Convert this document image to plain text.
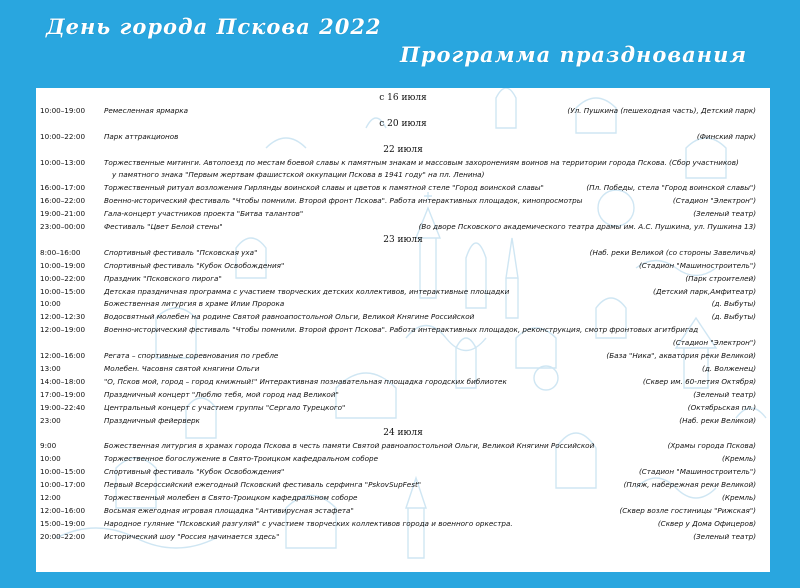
День города Пскова 2022
Программа празднования
с 16 июля
10:00–19:00	Ремесленная ярмарка	(Ул. Пушкина (пешеходная часть), Детский парк)
с 20 июля
10:00–22:00	Парк аттракционов	(Финский парк)
22 июля
10:00–13:00	Торжественные митинги. Автопоезд по местам боевой славы к памятным знакам и массовым захоронениям воинов на территории города Пскова. (Сбор участников)
у памятного знака "Первым жертвам фашистской оккупации Пскова в 1941 году" на пл. Ленина)
16:00–17:00	Торжественный ритуал возложения Гирлянды воинской славы и цветов к памятной стеле "Город воинской славы"	(Пл. Победы, стела "Город воинской славы")
16:00–22:00	Военно-исторический фестиваль "Чтобы помнили. Второй фронт Пскова". Работа интерактивных площадок, кинопросмотры	(Стадион "Электрон")
19:00–21:00	Гала-концерт участников проекта "Битва талантов"	(Зеленый театр)
23:00–00:00	Фестиваль "Цвет Белой стены"	(Во дворе Псковского академического театра драмы им. А.С. Пушкина, ул. Пушкина 13)
23 июля
8:00–16:00	Спортивный фестиваль "Псковская уха"	(Наб. реки Великой (со стороны Завеличья)
10:00–19:00	Спортивный фестиваль "Кубок Освобождения"	(Стадион "Машиностроитель")
10:00–22:00	Праздник "Псковского пирога"	(Парк строителей)
10:00–15:00	Детская праздничная программа с участием творческих детских коллективов, интерактивные площадки	(Детский парк,Амфитеатр)
10:00	Божественная литургия в храме Илии Пророка	(д. Выбуты)
12:00–12:30	Водосвятный молебен на родине Святой равноапостольной Ольги, Великой Княгине Российской	(д. Выбуты)
12:00–19:00	Военно-исторический фестиваль "Чтобы помнили. Второй фронт Пскова". Работа интерактивных площадок, реконструкция, смотр фронтовых агитбригад
(Стадион "Электрон")
12:00–16:00	Регата – спортивные соревнования по гребле	(База "Ника", акватория реки Великой)
13:00	Молебен. Часовня святой княгини Ольги	(д. Волженец)
14:00–18:00	"О, Псков мой, город – город книжный!" Интерактивная познавательная площадка городских библиотек	(Сквер им. 60-летия Октября)
17:00–19:00	Праздничный концерт "Люблю тебя, мой город над Великой"	(Зеленый театр)
19:00–22:40	Центральный концерт с участием группы "Сергало Турецкого"	(Октябрьская пл.)
23:00	Праздничный фейерверк	(Наб. реки Великой)
24 июля
9:00	Божественная литургия в храмах города Пскова в честь памяти Святой равноапостольной Ольги, Великой Княгини Российской	(Храмы города Пскова)
10:00	Торжественное богослужение в Свято-Троицком кафедральном соборе	(Кремль)
10:00–15:00	Спортивный фестиваль "Кубок Освобождения"	(Стадион "Машиностроитель")
10:00–17:00	Первый Всероссийский ежегодный Псковский фестиваль серфинга "PskovSupFest"	(Пляж, набережная реки Великой)
12:00	Торжественный молебен в Свято-Троицком кафедральном соборе	(Кремль)
12:00–16:00	Восьмая ежегодная игровая площадка "Антивирусная эстафета"	(Сквер возле гостиницы "Рижская")
15:00–19:00	Народное гуляние "Псковский разгуляй" с участием творческих коллективов города и военного оркестра.	(Сквер у Дома Офицеров)
20:00–22:00	Исторический шоу "Россия начинается здесь"	(Зеленый театр)
